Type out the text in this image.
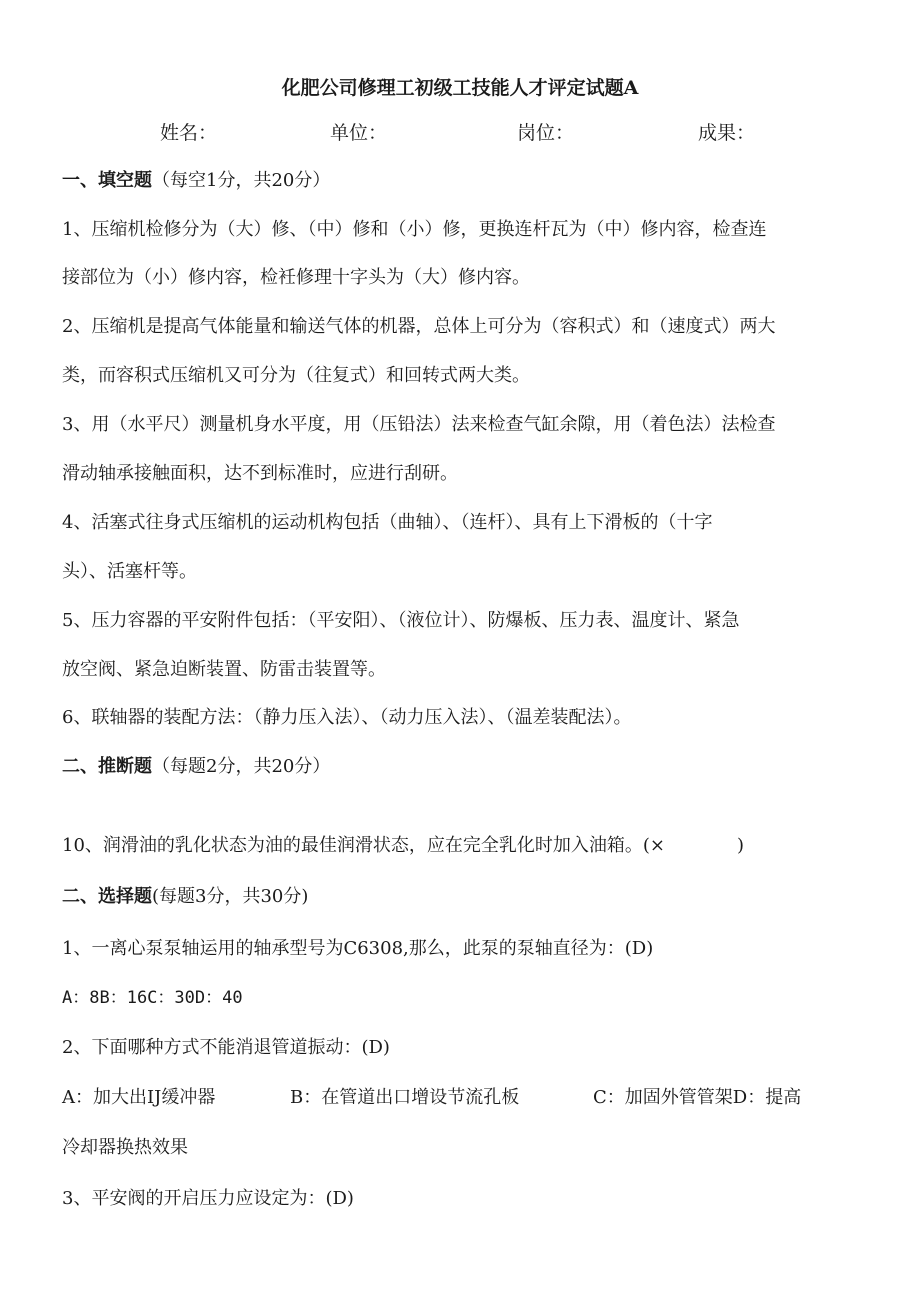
化肥公司修理工初级工技能人才评定试题A
姓名：	单位：	岗位：	成果：
一、填空题（每空1分，共20分）
1、压缩机检修分为（大）修、（中）修和（小）修，更换连杆瓦为（中）修内容，检查连
接部位为（小）修内容，检衽修理十字头为（大）修内容。
2、压缩机是提高气体能量和输送气体的机器，总体上可分为（容积式）和（速度式）两大
类，而容积式压缩机又可分为（往复式）和回转式两大类。
3、用（水平尺）测量机身水平度，用（压铅法）法来检查气缸余隙，用（着色法）法检查
滑动轴承接触面积，达不到标准时，应进行刮研。
4、活塞式往身式压缩机的运动机构包括（曲轴）、（连杆）、具有上下滑板的（十字
头）、活塞杆等。
5、压力容器的平安附件包括：（平安阳）、（液位计）、防爆板、压力表、温度计、紧急
放空阀、紧急迫断装置、防雷击装置等。
6、联轴器的装配方法：（静力压入法）、（动力压入法）、（温差装配法）。
二、推断题（每题2分，共20分）
10、润滑油的乳化状态为油的最佳润滑状态，应在完全乳化时加入油箱。(×	)
二、选择题(每题3分，共30分)
1、一离心泵泵轴运用的轴承型号为C6308,那么，此泵的泵轴直径为：(D)
A：8B：16C：30D：40
2、下面哪种方式不能消退管道振动：(D)
A：加大出IJ缓冲器	B：在管道出口增设节流孔板	C：加固外管管架D：提高
冷却器换热效果
3、平安阀的开启压力应设定为：(D)
